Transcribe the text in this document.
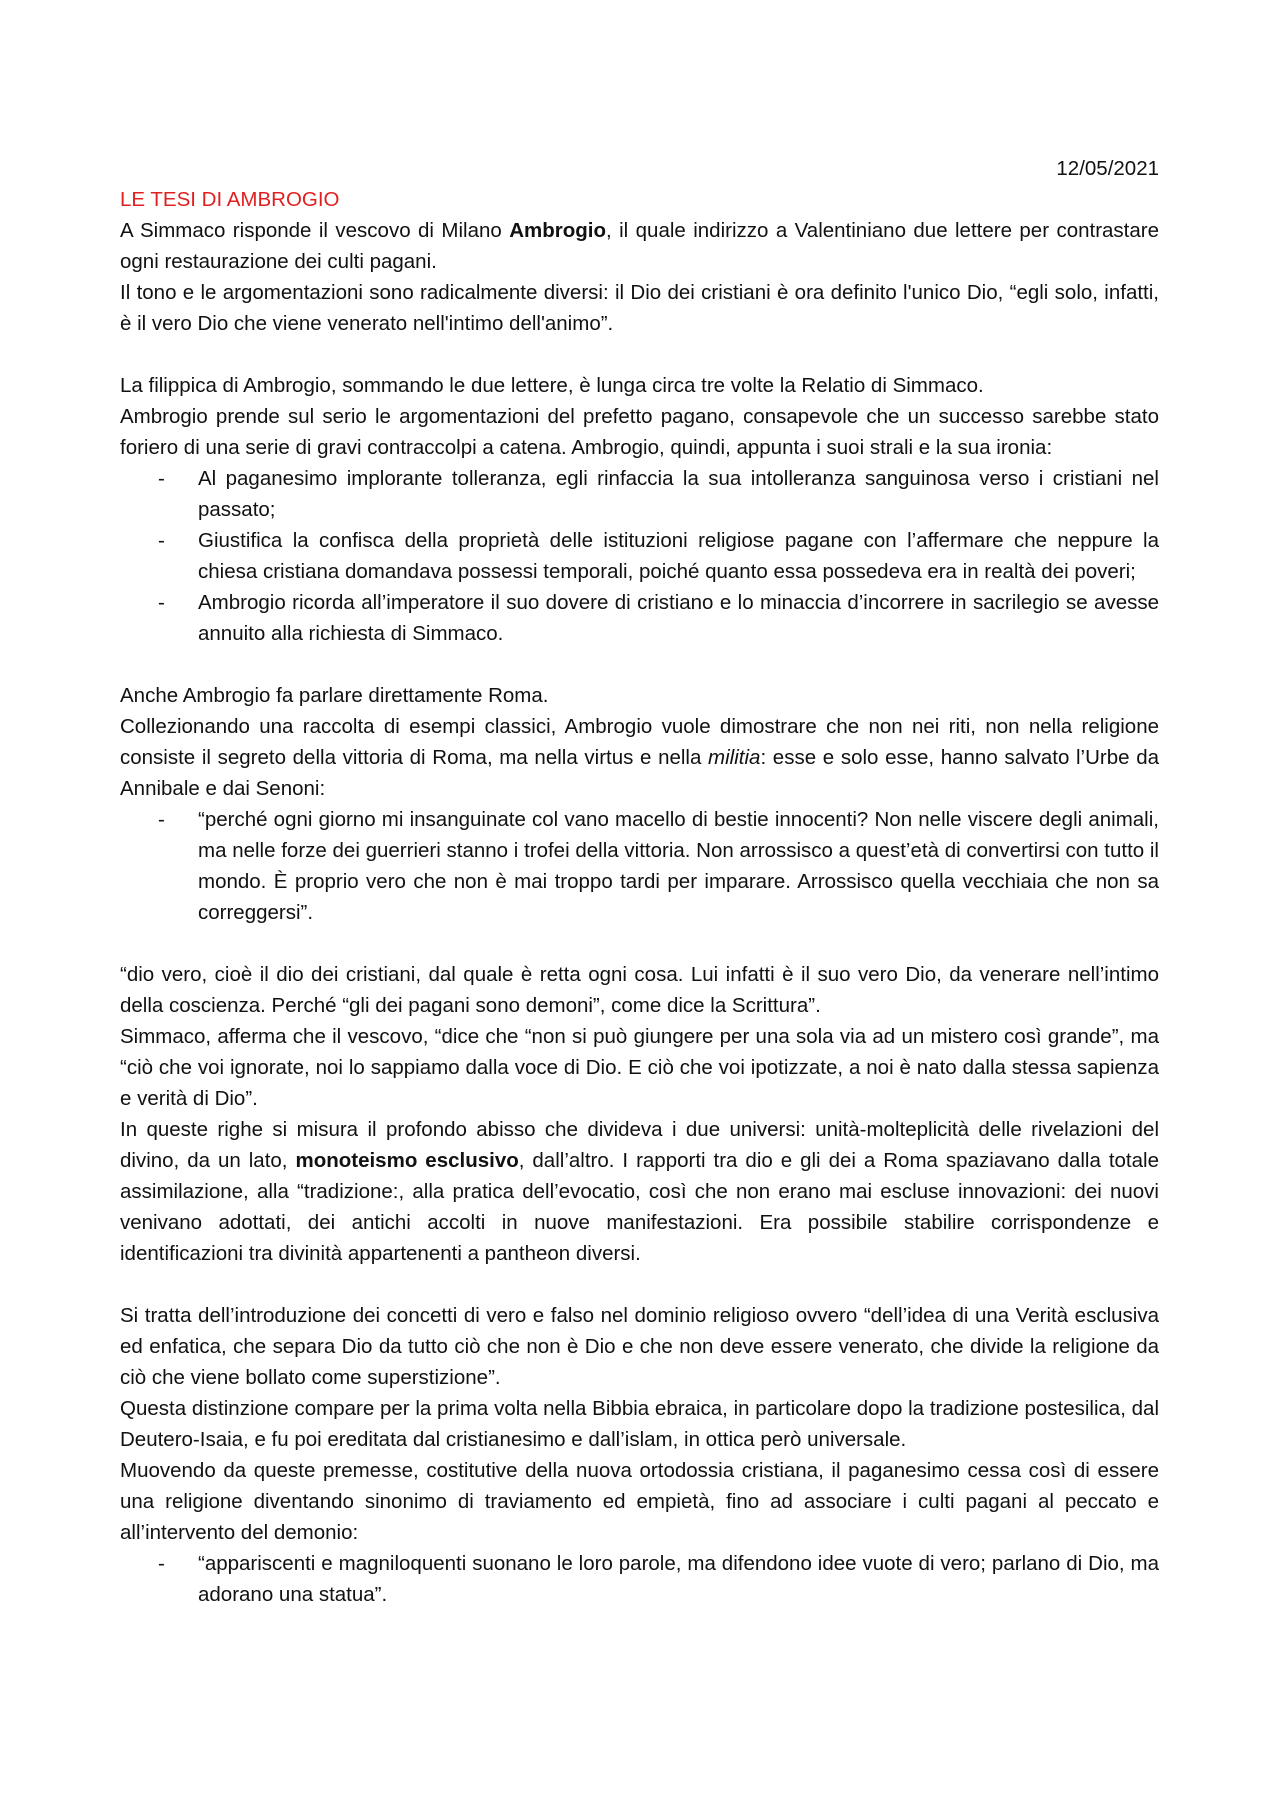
12/05/2021

LE TESI DI AMBROGIO

A Simmaco risponde il vescovo di Milano Ambrogio, il quale indirizzo a Valentiniano due lettere per contrastare ogni restaurazione dei culti pagani.

Il tono e le argomentazioni sono radicalmente diversi: il Dio dei cristiani è ora definito l'unico Dio, “egli solo, infatti, è il vero Dio che viene venerato nell'intimo dell'animo”.

La filippica di Ambrogio, sommando le due lettere, è lunga circa tre volte la Relatio di Simmaco.

Ambrogio prende sul serio le argomentazioni del prefetto pagano, consapevole che un successo sarebbe stato foriero di una serie di gravi contraccolpi a catena. Ambrogio, quindi, appunta i suoi strali e la sua ironia:

- Al paganesimo implorante tolleranza, egli rinfaccia la sua intolleranza sanguinosa verso i cristiani nel passato;
- Giustifica la confisca della proprietà delle istituzioni religiose pagane con l’affermare che neppure la chiesa cristiana domandava possessi temporali, poiché quanto essa possedeva era in realtà dei poveri;
- Ambrogio ricorda all’imperatore il suo dovere di cristiano e lo minaccia d’incorrere in sacrilegio se avesse annuito alla richiesta di Simmaco.

Anche Ambrogio fa parlare direttamente Roma.

Collezionando una raccolta di esempi classici, Ambrogio vuole dimostrare che non nei riti, non nella religione consiste il segreto della vittoria di Roma, ma nella virtus e nella militia: esse e solo esse, hanno salvato l’Urbe da Annibale e dai Senoni:

- “perché ogni giorno mi insanguinate col vano macello di bestie innocenti? Non nelle viscere degli animali, ma nelle forze dei guerrieri stanno i trofei della vittoria. Non arrossisco a quest’età di convertirsi con tutto il mondo. È proprio vero che non è mai troppo tardi per imparare. Arrossisco quella vecchiaia che non sa correggersi”.

“dio vero, cioè il dio dei cristiani, dal quale è retta ogni cosa. Lui infatti è il suo vero Dio, da venerare nell’intimo della coscienza. Perché “gli dei pagani sono demoni”, come dice la Scrittura”.

Simmaco, afferma che il vescovo, “dice che “non si può giungere per una sola via ad un mistero così grande”, ma “ciò che voi ignorate, noi lo sappiamo dalla voce di Dio. E ciò che voi ipotizzate, a noi è nato dalla stessa sapienza e verità di Dio”.

In queste righe si misura il profondo abisso che divideva i due universi: unità-molteplicità delle rivelazioni del divino, da un lato, monoteismo esclusivo, dall’altro. I rapporti tra dio e gli dei a Roma spaziavano dalla totale assimilazione, alla “tradizione:, alla pratica dell’evocatio, così che non erano mai escluse innovazioni: dei nuovi venivano adottati, dei antichi accolti in nuove manifestazioni. Era possibile stabilire corrispondenze e identificazioni tra divinità appartenenti a pantheon diversi.

Si tratta dell’introduzione dei concetti di vero e falso nel dominio religioso ovvero “dell’idea di una Verità esclusiva ed enfatica, che separa Dio da tutto ciò che non è Dio e che non deve essere venerato, che divide la religione da ciò che viene bollato come superstizione”.

Questa distinzione compare per la prima volta nella Bibbia ebraica, in particolare dopo la tradizione postesilica, dal Deutero-Isaia, e fu poi ereditata dal cristianesimo e dall’islam, in ottica però universale.

Muovendo da queste premesse, costitutive della nuova ortodossia cristiana, il paganesimo cessa così di essere una religione diventando sinonimo di traviamento ed empietà, fino ad associare i culti pagani al peccato e all’intervento del demonio:

- “appariscenti e magniloquenti suonano le loro parole, ma difendono idee vuote di vero; parlano di Dio, ma adorano una statua”.
